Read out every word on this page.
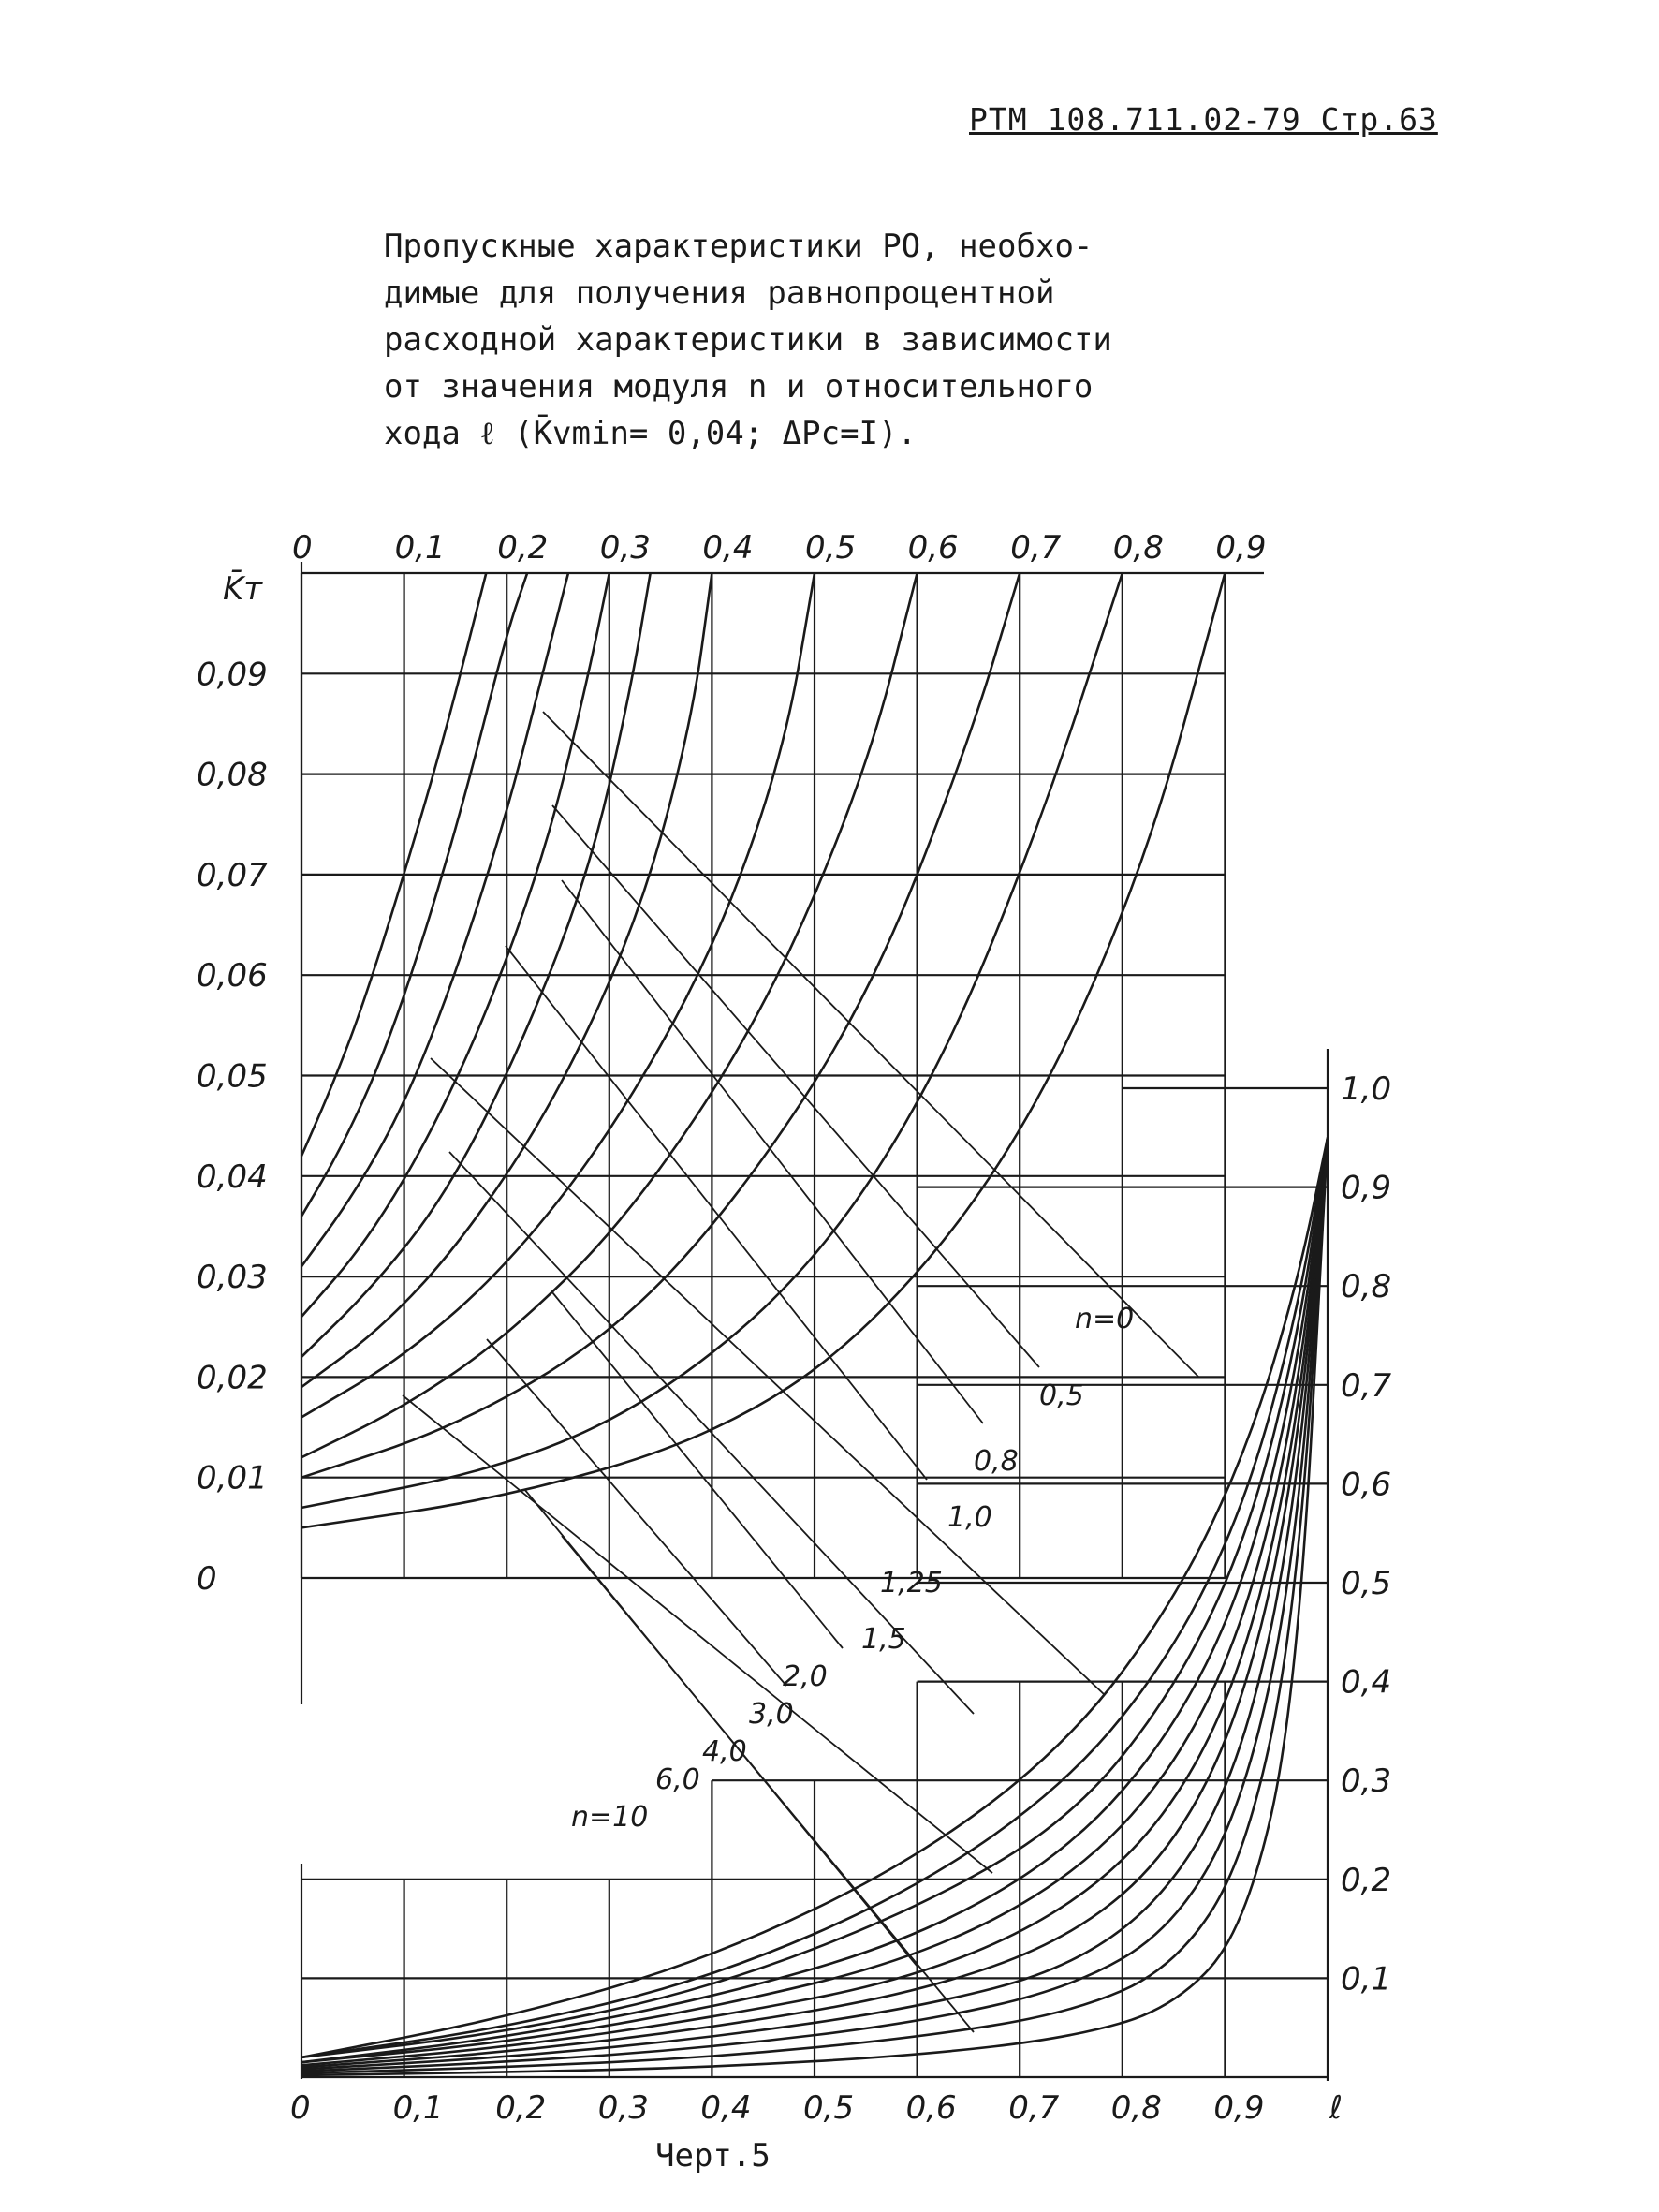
РТМ 108.711.02-79 Стр.63
Пропускные характеристики РО, необхо-
димые для получения равнопроцентной
расходной характеристики в зависимости
от значения модуля n и относительного
хода ℓ (K̄vmin= 0,04; ΔPc=I).
0
0,01
0,02
0,03
0,04
0,05
0,06
0,07
0,08
0,09
0	0,1 0,2 0,3 0,4 0,5 0,6 0,7 0,8 0,9
K̄т
0,1
0,2
0,3
0,4
0,5
0,6
0,7
0,8
0,9
1,0
0	0,1 0,2 0,3 0,4 0,5 0,6 0,7 0,8 0,9 ℓ
n=0
0,5
0,8
1,0
1,25
1,5
2,0
3,0
4,0
6,0
n=10
Черт.5
